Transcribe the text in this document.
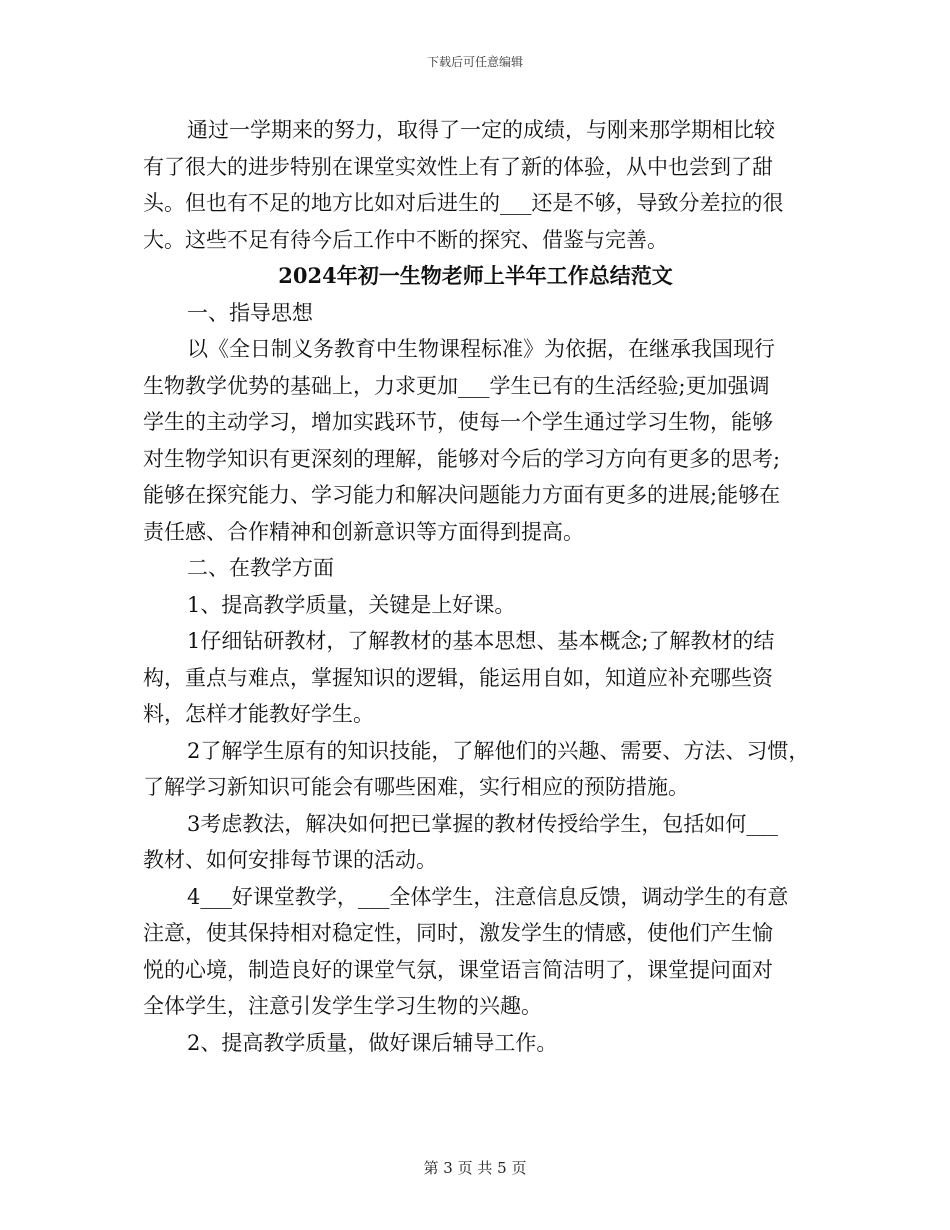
下载后可任意编辑
通过一学期来的努力，取得了一定的成绩，与刚来那学期相比较
有了很大的进步特别在课堂实效性上有了新的体验，从中也尝到了甜
头。但也有不足的地方比如对后进生的___还是不够，导致分差拉的很
大。这些不足有待今后工作中不断的探究、借鉴与完善。
2024年初一生物老师上半年工作总结范文
一、指导思想
以《全日制义务教育中生物课程标准》为依据，在继承我国现行
生物教学优势的基础上，力求更加___学生已有的生活经验;更加强调
学生的主动学习，增加实践环节，使每一个学生通过学习生物，能够
对生物学知识有更深刻的理解，能够对今后的学习方向有更多的思考;
能够在探究能力、学习能力和解决问题能力方面有更多的进展;能够在
责任感、合作精神和创新意识等方面得到提高。
二、在教学方面
1、提高教学质量，关键是上好课。
1仔细钻研教材，了解教材的基本思想、基本概念;了解教材的结
构，重点与难点，掌握知识的逻辑，能运用自如，知道应补充哪些资
料，怎样才能教好学生。
2了解学生原有的知识技能，了解他们的兴趣、需要、方法、习惯，
了解学习新知识可能会有哪些困难，实行相应的预防措施。
3考虑教法，解决如何把已掌握的教材传授给学生，包括如何___
教材、如何安排每节课的活动。
4___好课堂教学，___全体学生，注意信息反馈，调动学生的有意
注意，使其保持相对稳定性，同时，激发学生的情感，使他们产生愉
悦的心境，制造良好的课堂气氛，课堂语言简洁明了，课堂提问面对
全体学生，注意引发学生学习生物的兴趣。
2、提高教学质量，做好课后辅导工作。
第 3 页 共 5 页
